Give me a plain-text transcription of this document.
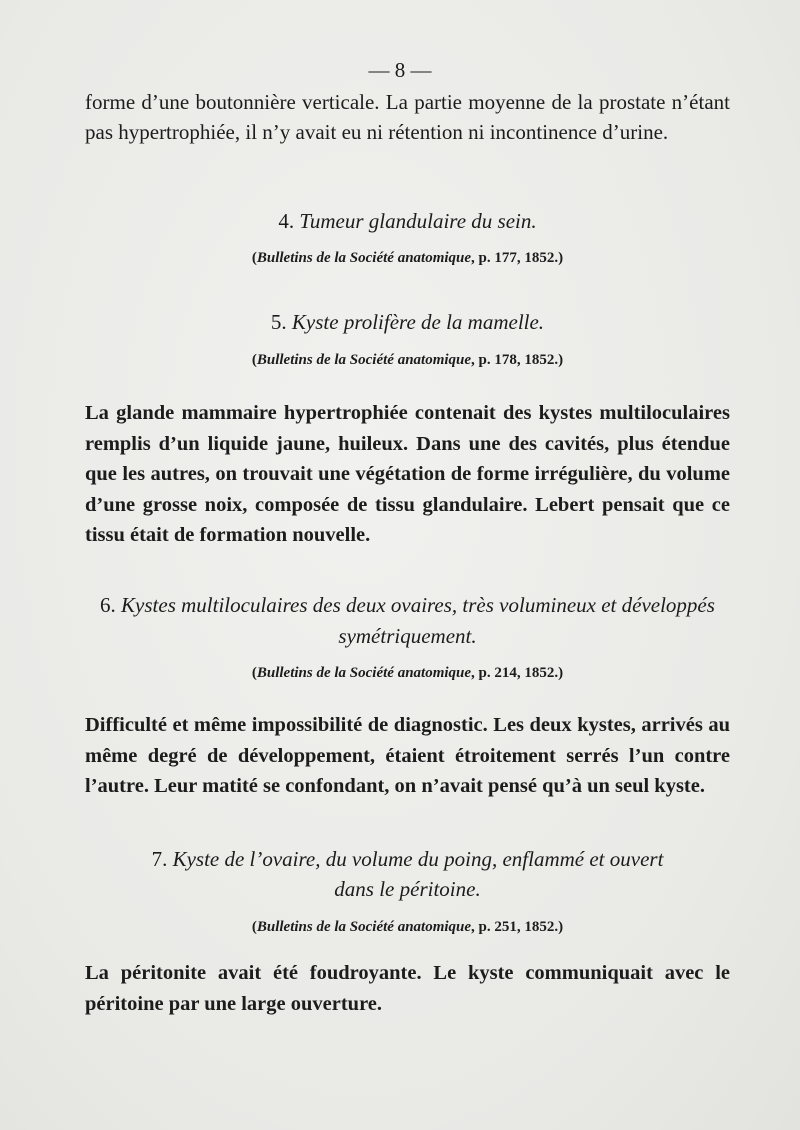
— 8 —

forme d’une boutonnière verticale. La partie moyenne de la prostate n’étant pas hypertrophiée, il n’y avait eu ni rétention ni incontinence d’urine.

4. Tumeur glandulaire du sein.
(Bulletins de la Société anatomique, p. 177, 1852.)
5. Kyste prolifère de la mamelle.
(Bulletins de la Société anatomique, p. 178, 1852.)

La glande mammaire hypertrophiée contenait des kystes multiloculaires remplis d’un liquide jaune, huileux. Dans une des cavités, plus étendue que les autres, on trouvait une végétation de forme irrégulière, du volume d’une grosse noix, composée de tissu glandulaire. Lebert pensait que ce tissu était de formation nouvelle.

6. Kystes multiloculaires des deux ovaires, très volumineux et développés
symétriquement.
(Bulletins de la Société anatomique, p. 214, 1852.)

Difficulté et même impossibilité de diagnostic. Les deux kystes, arrivés au même degré de développement, étaient étroitement serrés l’un contre l’autre. Leur matité se confondant, on n’avait pensé qu’à un seul kyste.

7. Kyste de l’ovaire, du volume du poing, enflammé et ouvert
dans le péritoine.
(Bulletins de la Société anatomique, p. 251, 1852.)

La péritonite avait été foudroyante. Le kyste communiquait avec le péritoine par une large ouverture.
